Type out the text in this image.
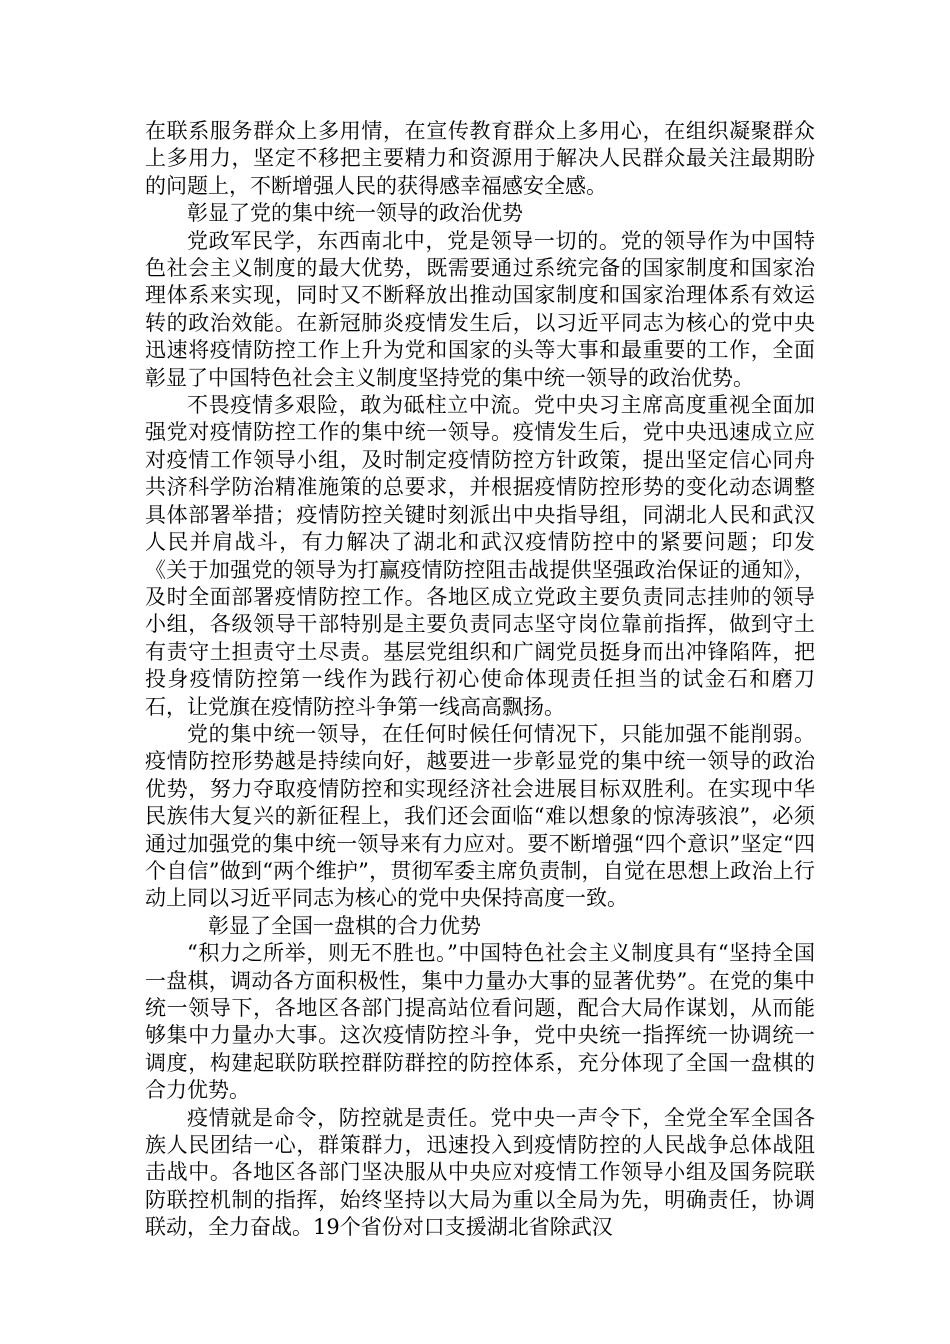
在联系服务群众上多用情，在宣传教育群众上多用心，在组织凝聚群众上多用力，坚定不移把主要精力和资源用于解决人民群众最关注最期盼的问题上，不断增强人民的获得感幸福感安全感。

彰显了党的集中统一领导的政治优势

党政军民学，东西南北中，党是领导一切的。党的领导作为中国特色社会主义制度的最大优势，既需要通过系统完备的国家制度和国家治理体系来实现，同时又不断释放出推动国家制度和国家治理体系有效运转的政治效能。在新冠肺炎疫情发生后，以习近平同志为核心的党中央迅速将疫情防控工作上升为党和国家的头等大事和最重要的工作，全面彰显了中国特色社会主义制度坚持党的集中统一领导的政治优势。

不畏疫情多艰险，敢为砥柱立中流。党中央习主席高度重视全面加强党对疫情防控工作的集中统一领导。疫情发生后，党中央迅速成立应对疫情工作领导小组，及时制定疫情防控方针政策，提出坚定信心同舟共济科学防治精准施策的总要求，并根据疫情防控形势的变化动态调整具体部署举措；疫情防控关键时刻派出中央指导组，同湖北人民和武汉人民并肩战斗，有力解决了湖北和武汉疫情防控中的紧要问题；印发《关于加强党的领导为打赢疫情防控阻击战提供坚强政治保证的通知》，及时全面部署疫情防控工作。各地区成立党政主要负责同志挂帅的领导小组，各级领导干部特别是主要负责同志坚守岗位靠前指挥，做到守土有责守土担责守土尽责。基层党组织和广阔党员挺身而出冲锋陷阵，把投身疫情防控第一线作为践行初心使命体现责任担当的试金石和磨刀石，让党旗在疫情防控斗争第一线高高飘扬。

党的集中统一领导，在任何时候任何情况下，只能加强不能削弱。疫情防控形势越是持续向好，越要进一步彰显党的集中统一领导的政治优势，努力夺取疫情防控和实现经济社会进展目标双胜利。在实现中华民族伟大复兴的新征程上，我们还会面临“难以想象的惊涛骇浪”，必须通过加强党的集中统一领导来有力应对。要不断增强“四个意识”坚定“四个自信”做到“两个维护”，贯彻军委主席负责制，自觉在思想上政治上行动上同以习近平同志为核心的党中央保持高度一致。

彰显了全国一盘棋的合力优势

“积力之所举，则无不胜也。”中国特色社会主义制度具有“坚持全国一盘棋，调动各方面积极性，集中力量办大事的显著优势”。在党的集中统一领导下，各地区各部门提高站位看问题，配合大局作谋划，从而能够集中力量办大事。这次疫情防控斗争，党中央统一指挥统一协调统一调度，构建起联防联控群防群控的防控体系，充分体现了全国一盘棋的合力优势。

疫情就是命令，防控就是责任。党中央一声令下，全党全军全国各族人民团结一心，群策群力，迅速投入到疫情防控的人民战争总体战阻击战中。各地区各部门坚决服从中央应对疫情工作领导小组及国务院联防联控机制的指挥，始终坚持以大局为重以全局为先，明确责任，协调联动，全力奋战。19个省份对口支援湖北省除武汉
